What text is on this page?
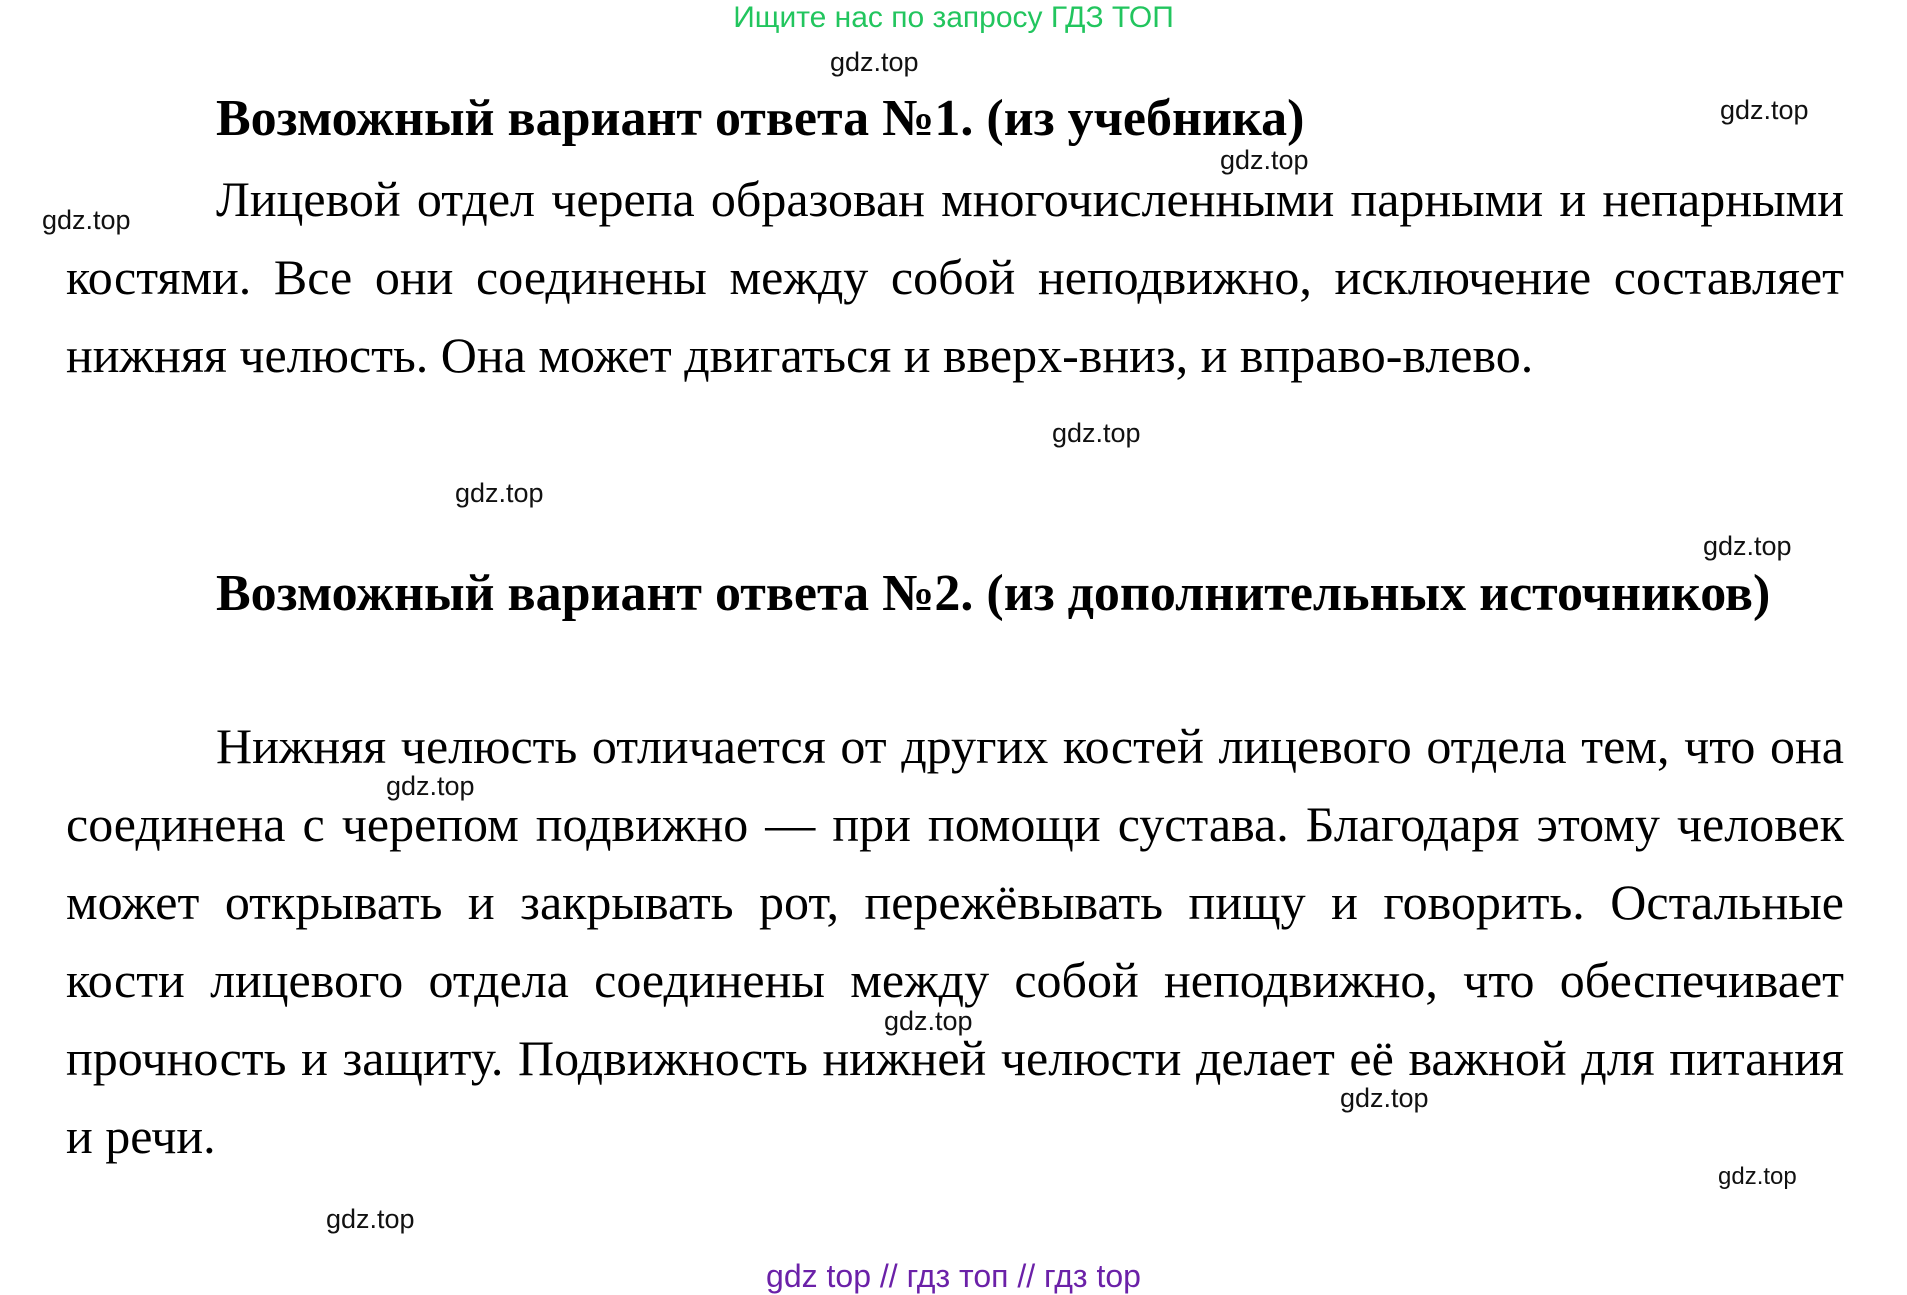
Ищите нас по запросу ГДЗ ТОП
Возможный вариант ответа №1. (из учебника)
Лицевой отдел черепа образован многочисленными парными и непарными костями. Все они соединены между собой неподвижно, исключение составляет нижняя челюсть. Она может двигаться и вверх-вниз, и вправо-влево.
Возможный вариант ответа №2. (из дополнительных источников)
Нижняя челюсть отличается от других костей лицевого отдела тем, что она соединена с черепом подвижно — при помощи сустава. Благодаря этому человек может открывать и закрывать рот, пережёвывать пищу и говорить. Остальные кости лицевого отдела соединены между собой неподвижно, что обеспечивает прочность и защиту. Подвижность нижней челюсти делает её важной для питания и речи.
gdz.top
gdz.top
gdz.top
gdz.top
gdz.top
gdz.top
gdz.top
gdz.top
gdz.top
gdz.top
gdz.top
gdz.top
gdz top // гдз топ // гдз top
